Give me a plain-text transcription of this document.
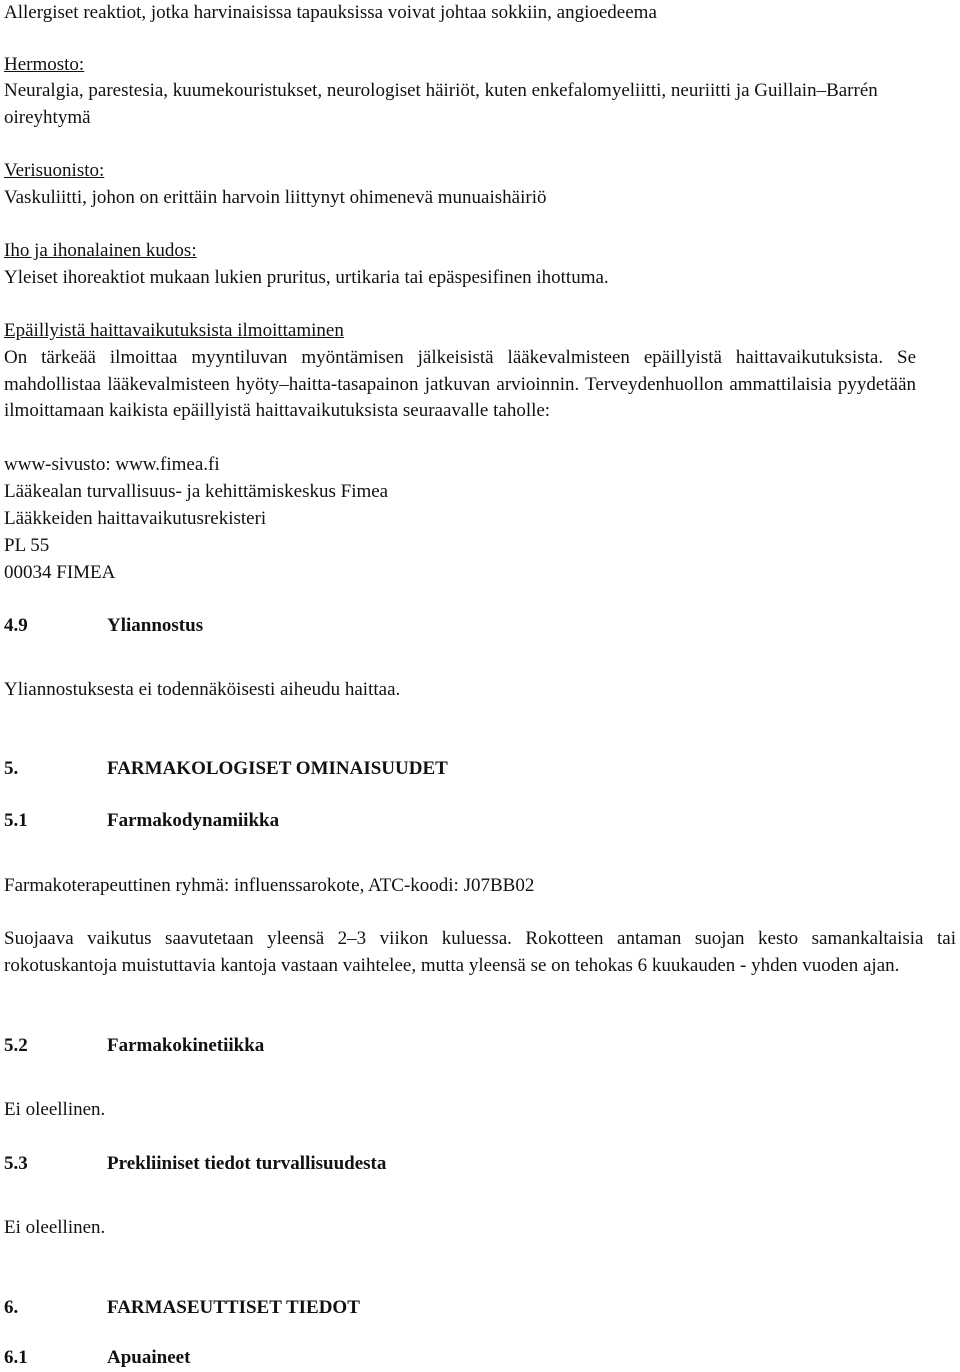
Allergiset reaktiot, jotka harvinaisissa tapauksissa voivat johtaa sokkiin, angioedeema

Hermosto:

Neuralgia, parestesia, kuumekouristukset, neurologiset häiriöt, kuten enkefalomyeliitti, neuriitti ja Guillain–Barrén oireyhtymä

Verisuonisto:

Vaskuliitti, johon on erittäin harvoin liittynyt ohimenevä munuaishäiriö

Iho ja ihonalainen kudos:

Yleiset ihoreaktiot mukaan lukien pruritus, urtikaria tai epäspesifinen ihottuma.

Epäillyistä haittavaikutuksista ilmoittaminen

On tärkeää ilmoittaa myyntiluvan myöntämisen jälkeisistä lääkevalmisteen epäillyistä haittavaikutuksista. Se mahdollistaa lääkevalmisteen hyöty–haitta-tasapainon jatkuvan arvioinnin. Terveydenhuollon ammattilaisia pyydetään ilmoittamaan kaikista epäillyistä haittavaikutuksista seuraavalle taholle:

www-sivusto: www.fimea.fi

Lääkealan turvallisuus- ja kehittämiskeskus Fimea

Lääkkeiden haittavaikutusrekisteri

PL 55

00034 FIMEA

4.9	Yliannostus

Yliannostuksesta ei todennäköisesti aiheudu haittaa.

5.	FARMAKOLOGISET OMINAISUUDET
5.1	Farmakodynamiikka

Farmakoterapeuttinen ryhmä: influenssarokote, ATC-koodi: J07BB02

Suojaava vaikutus saavutetaan yleensä 2–3 viikon kuluessa. Rokotteen antaman suojan kesto samankaltaisia tai rokotuskantoja muistuttavia kantoja vastaan vaihtelee, mutta yleensä se on tehokas 6 kuukauden - yhden vuoden ajan.

5.2	Farmakokinetiikka

Ei oleellinen.

5.3	Prekliiniset tiedot turvallisuudesta

Ei oleellinen.

6.	FARMASEUTTISET TIEDOT
6.1	Apuaineet
